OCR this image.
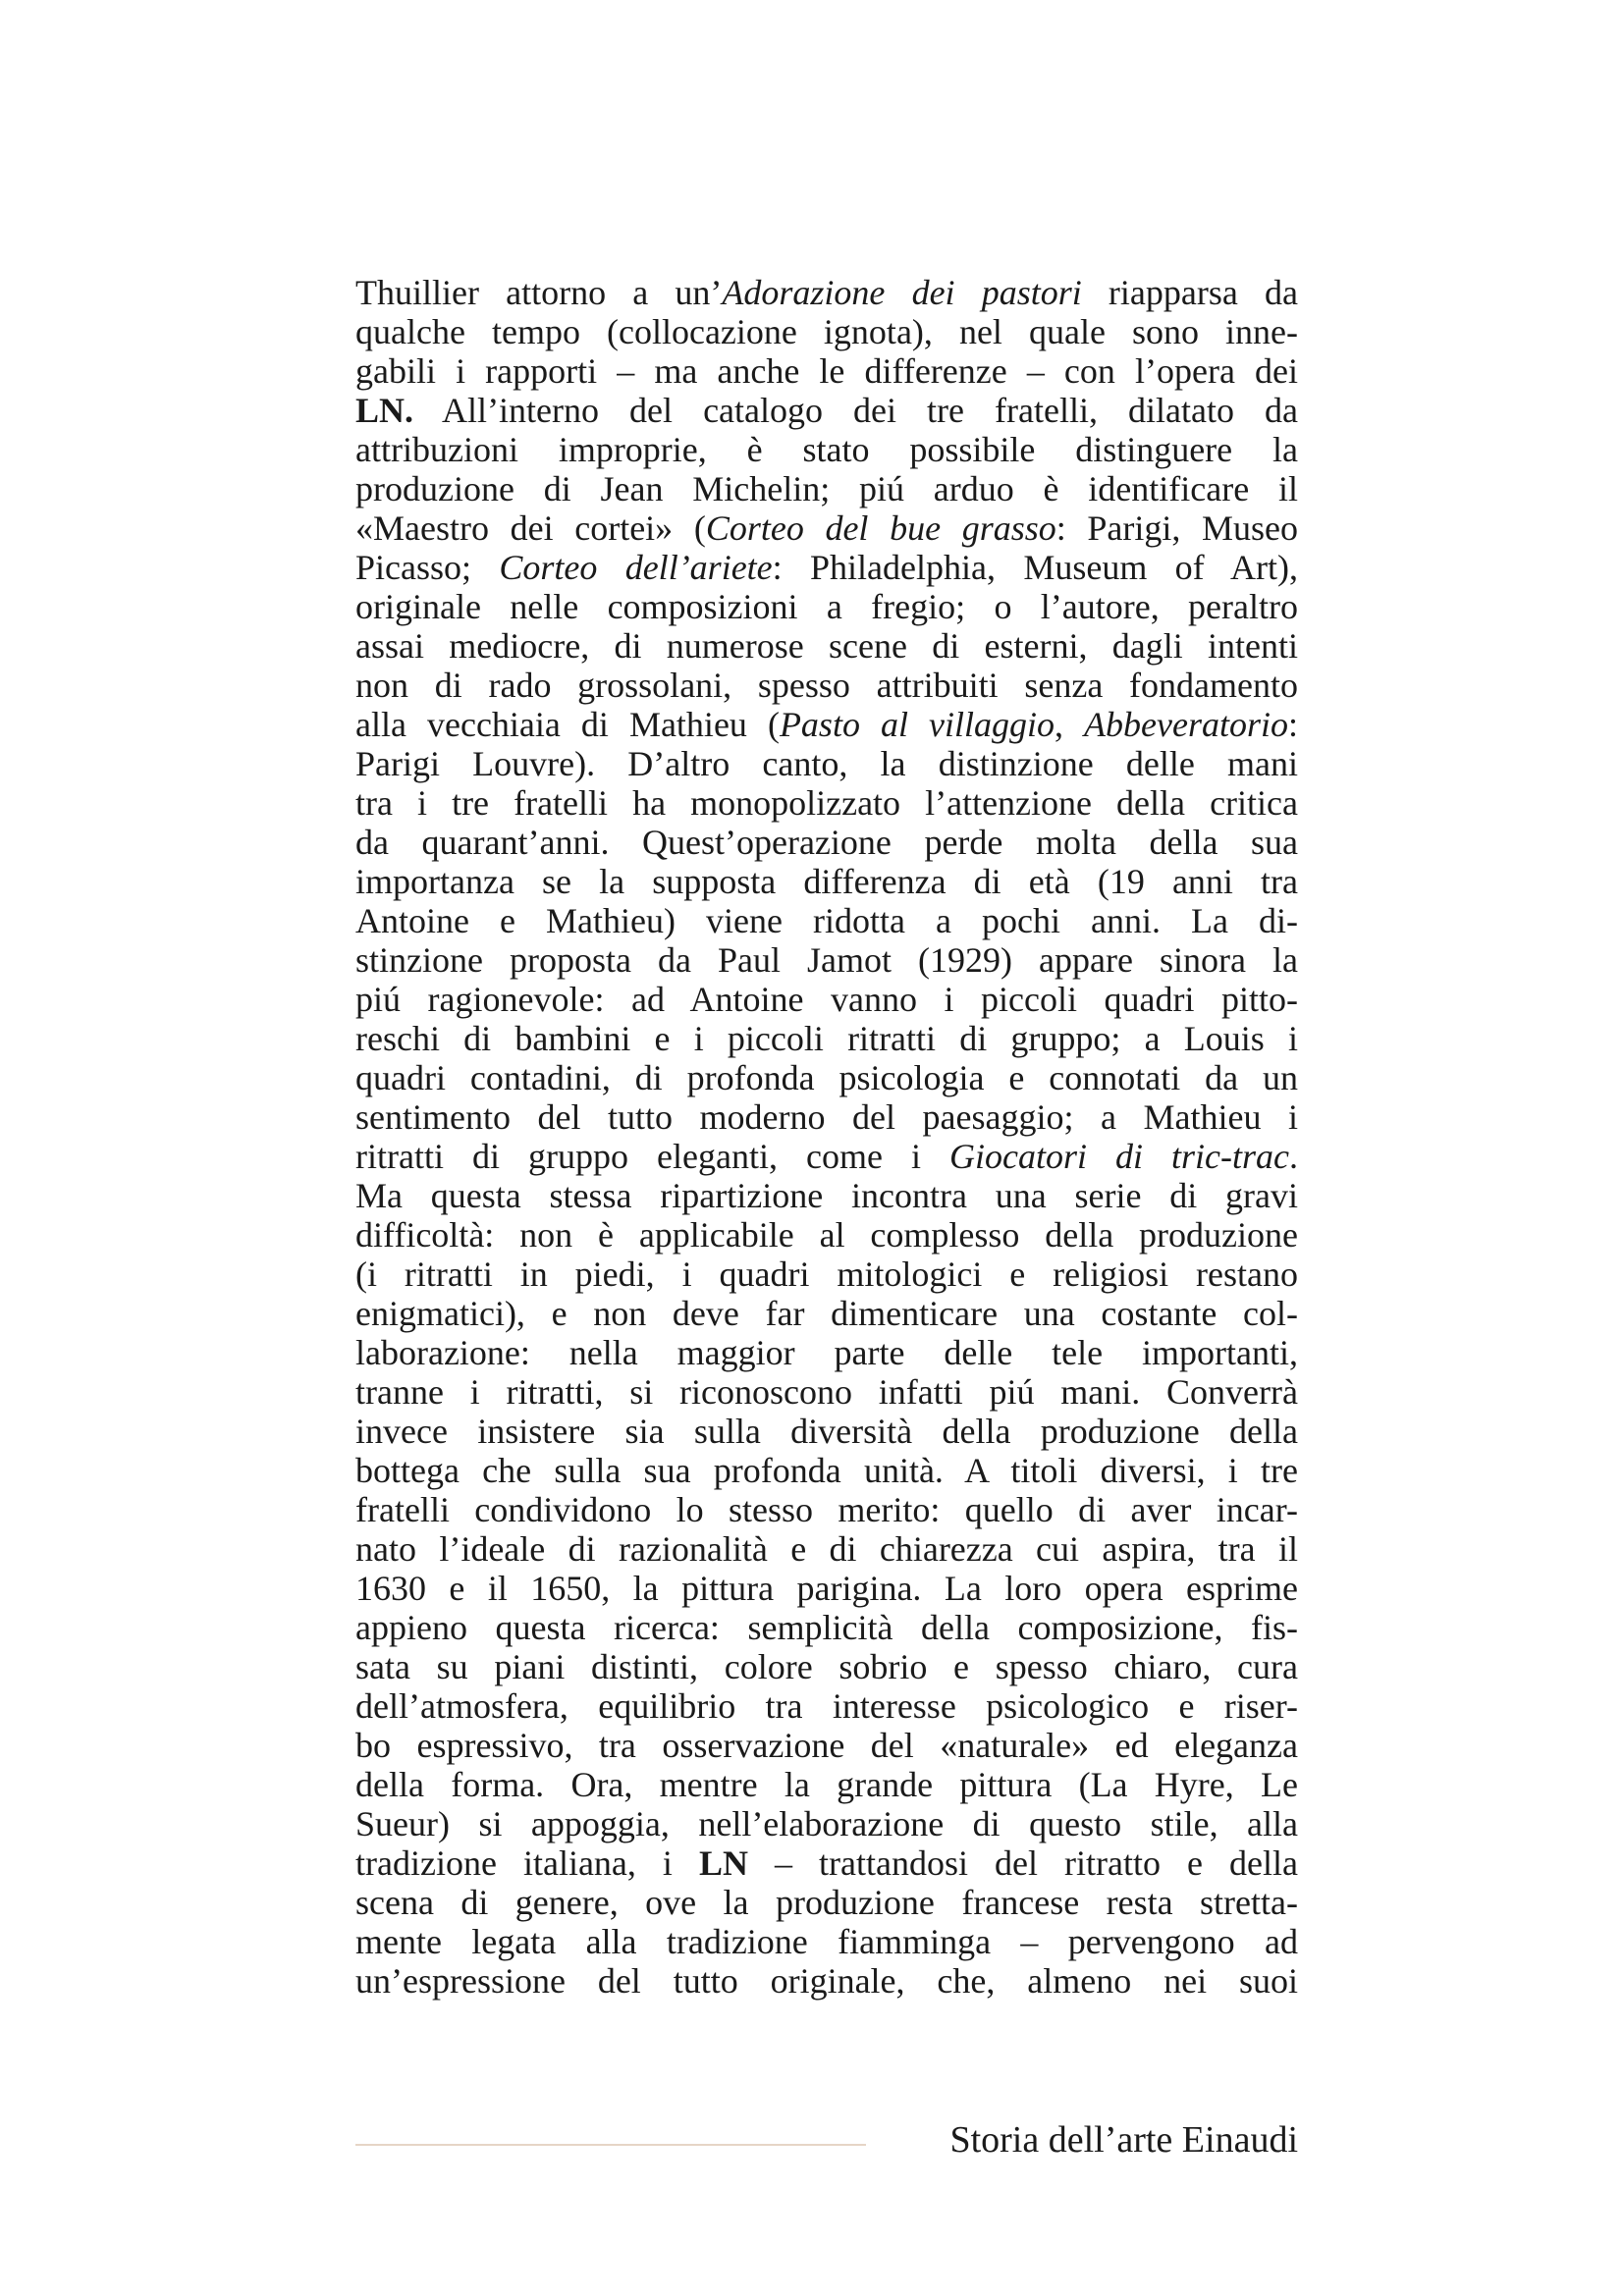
Thuillier attorno a un’Adorazione dei pastori riapparsa da
qualche tempo (collocazione ignota), nel quale sono inne-
gabili i rapporti – ma anche le differenze – con l’opera dei
LN. All’interno del catalogo dei tre fratelli, dilatato da
attribuzioni improprie, è stato possibile distinguere la
produzione di Jean Michelin; piú arduo è identificare il
«Maestro dei cortei» (Corteo del bue grasso: Parigi, Museo
Picasso; Corteo dell’ariete: Philadelphia, Museum of Art),
originale nelle composizioni a fregio; o l’autore, peraltro
assai mediocre, di numerose scene di esterni, dagli intenti
non di rado grossolani, spesso attribuiti senza fondamento
alla vecchiaia di Mathieu (Pasto al villaggio, Abbeveratorio:
Parigi Louvre). D’altro canto, la distinzione delle mani
tra i tre fratelli ha monopolizzato l’attenzione della critica
da quarant’anni. Quest’operazione perde molta della sua
importanza se la supposta differenza di età (19 anni tra
Antoine e Mathieu) viene ridotta a pochi anni. La di-
stinzione proposta da Paul Jamot (1929) appare sinora la
piú ragionevole: ad Antoine vanno i piccoli quadri pitto-
reschi di bambini e i piccoli ritratti di gruppo; a Louis i
quadri contadini, di profonda psicologia e connotati da un
sentimento del tutto moderno del paesaggio; a Mathieu i
ritratti di gruppo eleganti, come i Giocatori di tric-trac.
Ma questa stessa ripartizione incontra una serie di gravi
difficoltà: non è applicabile al complesso della produzione
(i ritratti in piedi, i quadri mitologici e religiosi restano
enigmatici), e non deve far dimenticare una costante col-
laborazione: nella maggior parte delle tele importanti,
tranne i ritratti, si riconoscono infatti piú mani. Converrà
invece insistere sia sulla diversità della produzione della
bottega che sulla sua profonda unità. A titoli diversi, i tre
fratelli condividono lo stesso merito: quello di aver incar-
nato l’ideale di razionalità e di chiarezza cui aspira, tra il
1630 e il 1650, la pittura parigina. La loro opera esprime
appieno questa ricerca: semplicità della composizione, fis-
sata su piani distinti, colore sobrio e spesso chiaro, cura
dell’atmosfera, equilibrio tra interesse psicologico e riser-
bo espressivo, tra osservazione del «naturale» ed eleganza
della forma. Ora, mentre la grande pittura (La Hyre, Le
Sueur) si appoggia, nell’elaborazione di questo stile, alla
tradizione italiana, i LN – trattandosi del ritratto e della
scena di genere, ove la produzione francese resta stretta-
mente legata alla tradizione fiamminga – pervengono ad
un’espressione del tutto originale, che, almeno nei suoi
Storia dell’arte Einaudi
